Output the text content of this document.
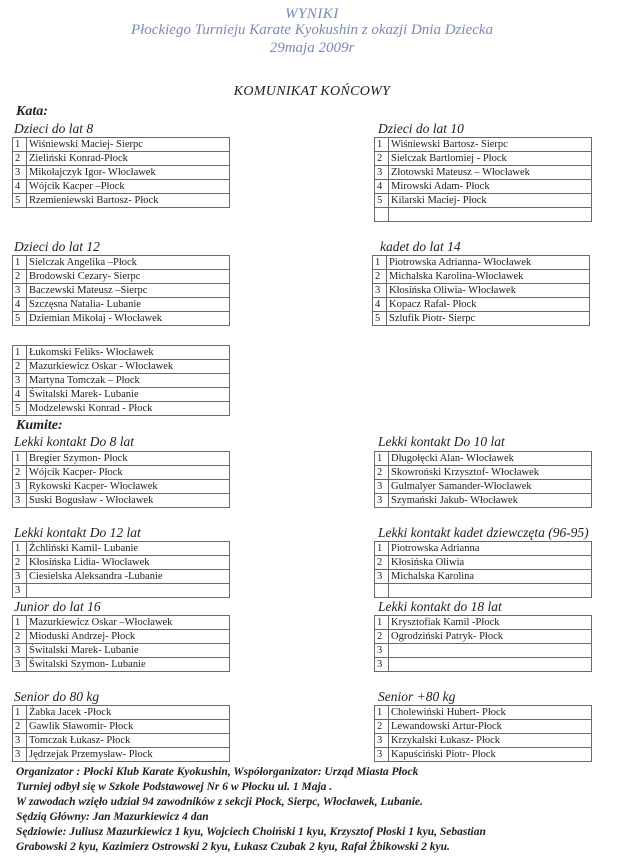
WYNIKI
Płockiego Turnieju Karate Kyokushin z okazji Dnia Dziecka
29maja 2009r
KOMUNIKAT KOŃCOWY
Kata:
Kumite:
Dzieci do lat 8
1	Wiśniewski Maciej- Sierpc
2	Zieliński Konrad-Płock
3	Mikołajczyk Igor- Włocławek
4	Wójcik Kacper –Płock
5	Rzemieniewski Bartosz- Płock
Dzieci do lat 10
1	Wiśniewski Bartosz- Sierpc
2	Sielczak Bartlomiej - Płock
3	Złotowski Mateusz – Włocławek
4	Mirowski Adam- Płock
5	Kilarski Maciej- Płock

Dzieci do lat 12
1	Sielczak Angelika –Płock
2	Brodowski Cezary- Sierpc
3	Baczewski Mateusz –Sierpc
4	Szczęsna Natalia- Lubanie
5	Dziemian Mikołaj - Włocławek
kadet do lat 14
1	Piotrowska Adrianna- Włocławek
2	Michalska Karolina-Włocławek
3	Kłosińska Oliwia- Włocławek
4	Kopacz Rafał- Płock
5	Szlufik Piotr- Sierpc
1	Łukomski Feliks- Włocławek
2	Mazurkiewicz Oskar - Włocławek
3	Martyna Tomczak – Płock
4	Świtalski Marek- Lubanie
5	Modzelewski Konrad - Płock
Lekki kontakt Do 8 lat
1	Bregier Szymon- Płock
2	Wójcik Kacper- Płock
3	Rykowski Kacper- Włocławek
3	Suski Bogusław - Włocławek
Lekki kontakt Do 10 lat
1	Długołęcki Alan- Włocławek
2	Skowroński Krzysztof- Włocławek
3	Gulmalyer Samander-Włocławek
3	Szymański Jakub- Włocławek
Lekki kontakt Do 12 lat
1	Żchliński Kamil- Lubanie
2	Kłosińska Lidia- Włocławek
3	Ciesielska Aleksandra -Lubanie
3	
Lekki kontakt kadet dziewczęta (96-95)
1	Piotrowska Adrianna
2	Kłosińska Oliwia
3	Michalska Karolina

Junior do lat 16
1	Mazurkiewicz Oskar –Włocławek
2	Mioduski Andrzej- Płock
3	Świtalski Marek- Lubanie
3	Świtalski Szymon- Lubanie
Lekki kontakt do 18 lat
1	Krysztofiak Kamil -Płock
2	Ogrodziński Patryk- Płock
3	
3	
Senior do 80 kg
1	Żabka Jacek -Płock
2	Gawlik Sławomir- Płock
3	Tomczak Łukasz- Płock
3	Jędrzejak Przemysław- Płock
Senior +80 kg
1	Cholewiński Hubert- Płock
2	Lewandowski Artur-Płock
3	Krzykalski Łukasz- Płock
3	Kapuściński Piotr- Płock
Organizator : Płocki Klub Karate Kyokushin, Współorganizator: Urząd Miasta Płock
Turniej odbył się w Szkole Podstawowej Nr 6 w Płocku ul. 1 Maja .
W zawodach wzięło udział 94 zawodników z sekcji Płock, Sierpc, Włocławek, Lubanie.
Sędzią Główny: Jan Mazurkiewicz 4 dan
Sędziowie: Juliusz Mazurkiewicz 1 kyu, Wojciech Choiński 1 kyu, Krzysztof Płoski 1 kyu, Sebastian
Grabowski 2 kyu, Kazimierz Ostrowski 2 kyu, Łukasz Czubak 2 kyu, Rafał Żbikowski 2 kyu.
